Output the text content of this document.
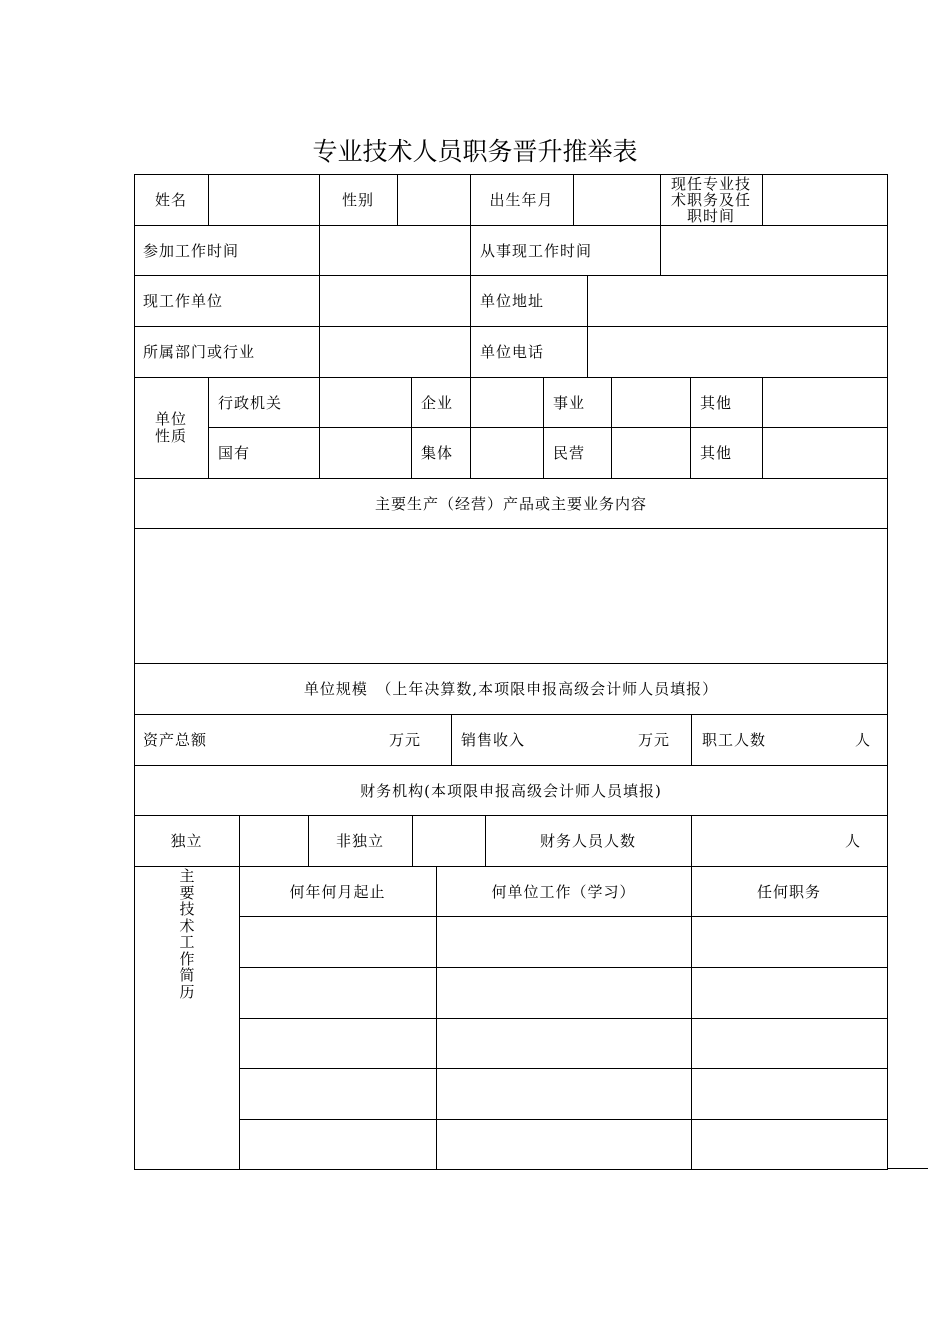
专业技术人员职务晋升推举表
姓名	性别	出生年月
现任专业技
术职务及任
职时间
参加工作时间	从事现工作时间
现工作单位	单位地址
所属部门或行业	单位电话
单位
性质
行政机关	企业	事业	其他
国有	集体	民营	其他
主要生产（经营）产品或主要业务内容
单位规模　（上年决算数,本项限申报高级会计师人员填报）
资产总额	万元	销售收入	万元 职工人数	人
财务机构(本项限申报高级会计师人员填报)
独立	非独立	财务人员人数	人
主要技术工作简历
何年何月起止	何单位工作（学习）	任何职务
